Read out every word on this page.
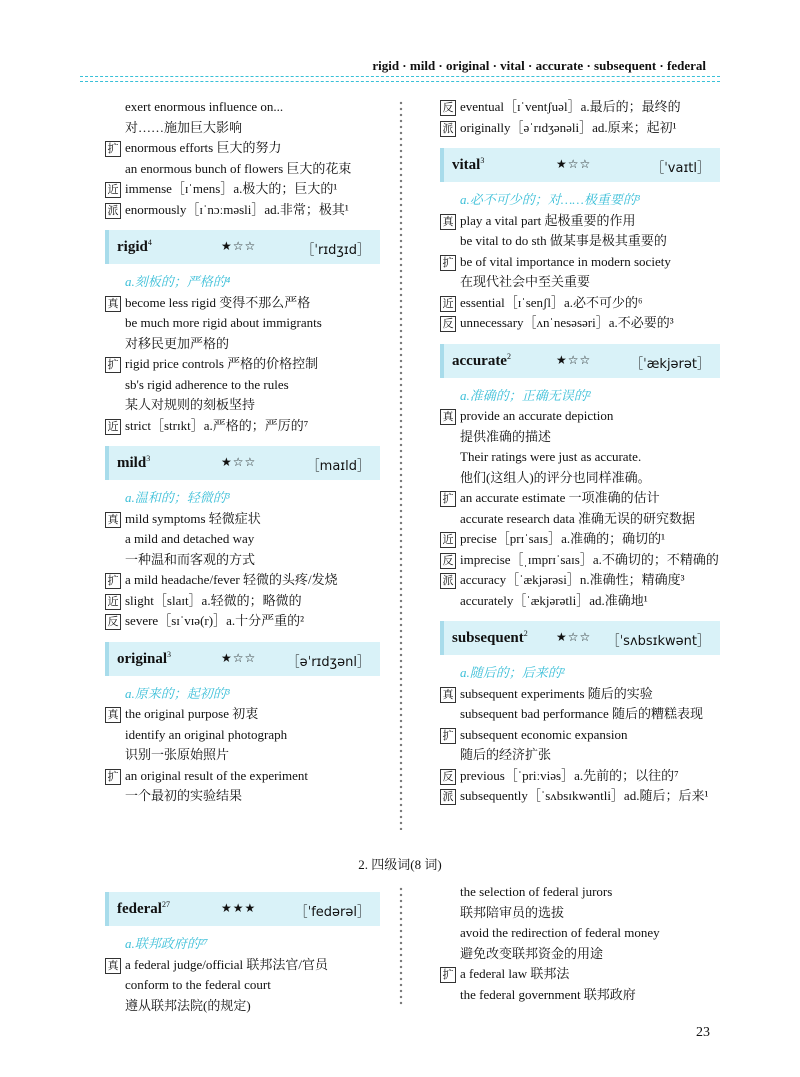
rigid · mild · original · vital · accurate · subsequent · federal
exert enormous influence on...
对……施加巨大影响
扩 enormous efforts 巨大的努力
an enormous bunch of flowers 巨大的花束
近 immense［ɪˈmens］a.极大的；巨大的¹
派 enormously［ɪˈnɔːməsli］ad.非常；极其¹
rigid$^4$	★☆☆	［ˈrɪdʒɪd］
a.刻板的；严格的⁴
真 become less rigid 变得不那么严格
be much more rigid about immigrants
对移民更加严格的
扩 rigid price controls 严格的价格控制
sb's rigid adherence to the rules
某人对规则的刻板坚持
近 strict［strɪkt］a.严格的；严厉的⁷
mild$^3$	★☆☆	［maɪld］
a.温和的；轻微的³
真 mild symptoms 轻微症状
a mild and detached way
一种温和而客观的方式
扩 a mild headache/fever 轻微的头疼/发烧
近 slight［slaɪt］a.轻微的；略微的
反 severe［sɪˈvɪə(r)］a.十分严重的²
original$^3$	★☆☆ ［əˈrɪdʒənl］
a.原来的；起初的³
真 the original purpose 初衷
identify an original photograph
识别一张原始照片
扩 an original result of the experiment
一个最初的实验结果
反 eventual［ɪˈventʃuəl］a.最后的；最终的
派 originally［əˈrɪdʒənəli］ad.原来；起初¹
vital$^3$	★☆☆	［ˈvaɪtl］
a.必不可少的；对……极重要的³
真 play a vital part 起极重要的作用
be vital to do sth 做某事是极其重要的
扩 be of vital importance in modern society
在现代社会中至关重要
近 essential［ɪˈsenʃl］a.必不可少的⁶
反 unnecessary［ʌnˈnesəsəri］a.不必要的³
accurate$^2$	★☆☆	［ˈækjərət］
a.准确的；正确无误的²
真 provide an accurate depiction
提供准确的描述
Their ratings were just as accurate.
他们(这组人)的评分也同样准确。
扩 an accurate estimate 一项准确的估计
accurate research data 准确无误的研究数据
近 precise［prɪˈsaɪs］a.准确的；确切的¹
反 imprecise［ˌɪmprɪˈsaɪs］a.不确切的；不精确的
派 accuracy［ˈækjərəsi］n.准确性；精确度³
accurately［ˈækjərətli］ad.准确地¹
subsequent$^2$ ★☆☆ ［ˈsʌbsɪkwənt］
a.随后的；后来的²
真 subsequent experiments 随后的实验
subsequent bad performance 随后的糟糕表现
扩 subsequent economic expansion
随后的经济扩张
反 previous［ˈpriːviəs］a.先前的；以往的⁷
派 subsequently［ˈsʌbsɪkwəntli］ad.随后；后来¹
2. 四级词(8 词)
federal$^{27}$	★★★	［ˈfedərəl］
a.联邦政府的²⁷
真 a federal judge/official 联邦法官/官员
conform to the federal court
遵从联邦法院(的规定)
the selection of federal jurors
联邦陪审员的选拔
avoid the redirection of federal money
避免改变联邦资金的用途
扩 a federal law 联邦法
the federal government 联邦政府
23
